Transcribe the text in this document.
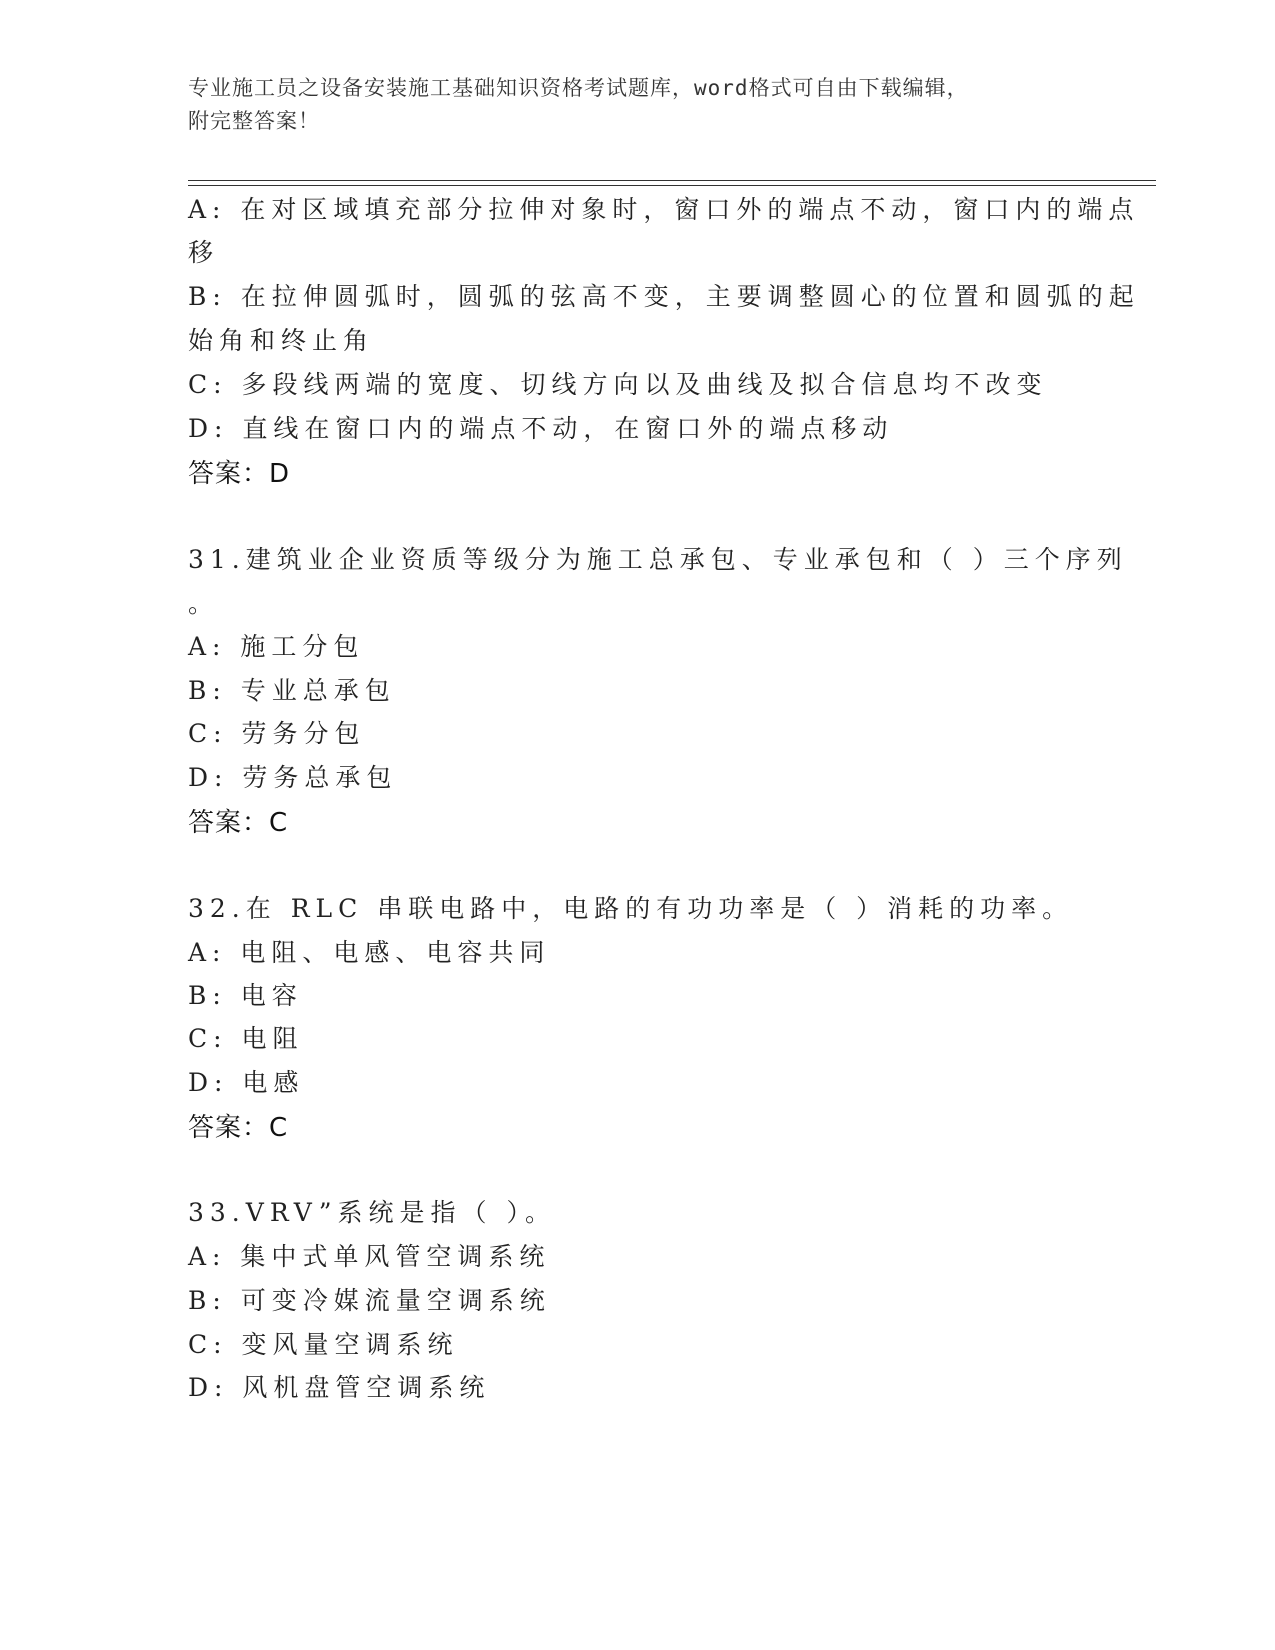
专业施工员之设备安装施工基础知识资格考试题库，word格式可自由下载编辑，
附完整答案！
A: 在对区域填充部分拉伸对象时，窗口外的端点不动，窗口内的端点
移
B: 在拉伸圆弧时，圆弧的弦高不变，主要调整圆心的位置和圆弧的起
始角和终止角
C: 多段线两端的宽度、切线方向以及曲线及拟合信息均不改变
D: 直线在窗口内的端点不动，在窗口外的端点移动
答案：D
31.建筑业企业资质等级分为施工总承包、专业承包和（ ）三个序列
。
A: 施工分包
B: 专业总承包
C: 劳务分包
D: 劳务总承包
答案：C
32.在 RLC 串联电路中，电路的有功功率是（ ）消耗的功率。
A: 电阻、电感、电容共同
B: 电容
C: 电阻
D: 电感
答案：C
33.VRV”系统是指（ ）。
A: 集中式单风管空调系统
B: 可变冷媒流量空调系统
C: 变风量空调系统
D: 风机盘管空调系统
